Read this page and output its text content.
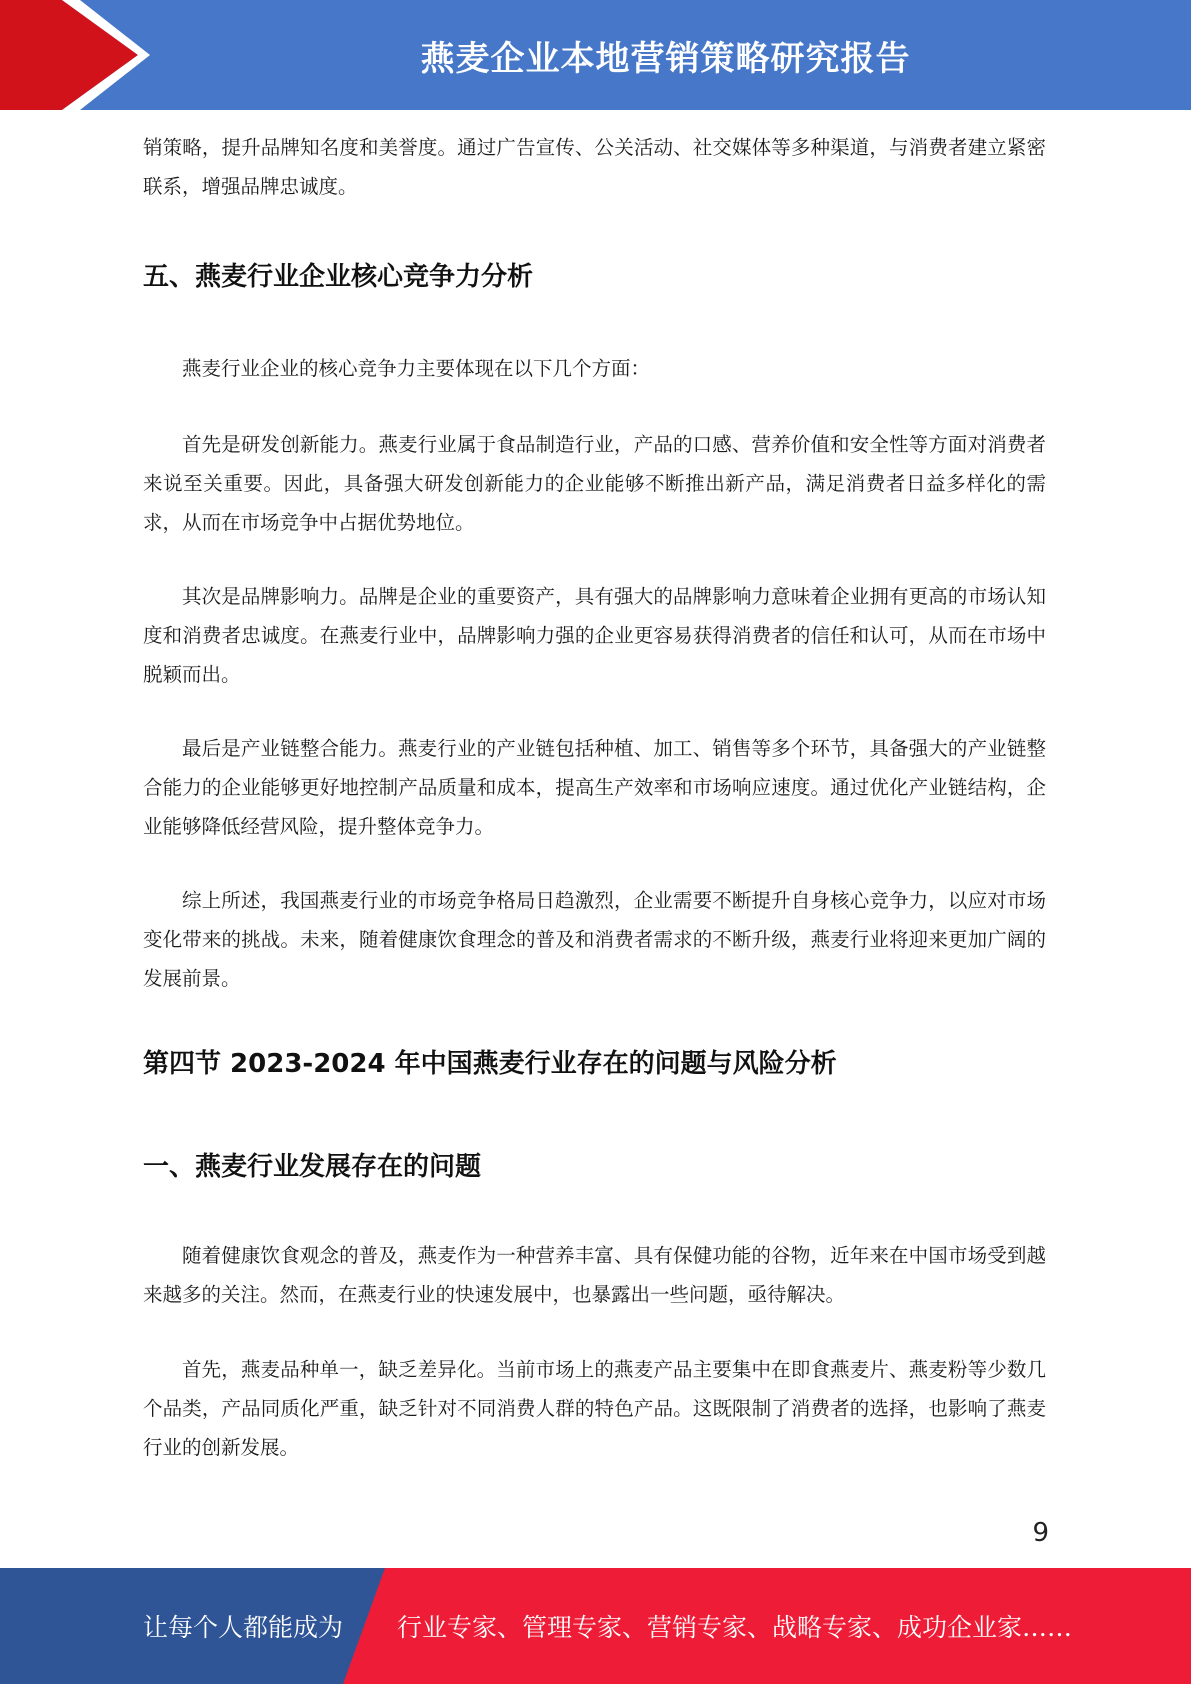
燕麦企业本地营销策略研究报告

销策略，提升品牌知名度和美誉度。通过广告宣传、公关活动、社交媒体等多种渠道，与消费者建立紧密联系，增强品牌忠诚度。

五、燕麦行业企业核心竞争力分析

燕麦行业企业的核心竞争力主要体现在以下几个方面：

首先是研发创新能力。燕麦行业属于食品制造行业，产品的口感、营养价值和安全性等方面对消费者来说至关重要。因此，具备强大研发创新能力的企业能够不断推出新产品，满足消费者日益多样化的需求，从而在市场竞争中占据优势地位。

其次是品牌影响力。品牌是企业的重要资产，具有强大的品牌影响力意味着企业拥有更高的市场认知度和消费者忠诚度。在燕麦行业中，品牌影响力强的企业更容易获得消费者的信任和认可，从而在市场中脱颖而出。

最后是产业链整合能力。燕麦行业的产业链包括种植、加工、销售等多个环节，具备强大的产业链整合能力的企业能够更好地控制产品质量和成本，提高生产效率和市场响应速度。通过优化产业链结构，企业能够降低经营风险，提升整体竞争力。

综上所述，我国燕麦行业的市场竞争格局日趋激烈，企业需要不断提升自身核心竞争力，以应对市场变化带来的挑战。未来，随着健康饮食理念的普及和消费者需求的不断升级，燕麦行业将迎来更加广阔的发展前景。

第四节 2023-2024 年中国燕麦行业存在的问题与风险分析
一、燕麦行业发展存在的问题

随着健康饮食观念的普及，燕麦作为一种营养丰富、具有保健功能的谷物，近年来在中国市场受到越来越多的关注。然而，在燕麦行业的快速发展中，也暴露出一些问题，亟待解决。

首先，燕麦品种单一，缺乏差异化。当前市场上的燕麦产品主要集中在即食燕麦片、燕麦粉等少数几个品类，产品同质化严重，缺乏针对不同消费人群的特色产品。这既限制了消费者的选择，也影响了燕麦行业的创新发展。

9
让每个人都能成为 行业专家、管理专家、营销专家、战略专家、成功企业家……
